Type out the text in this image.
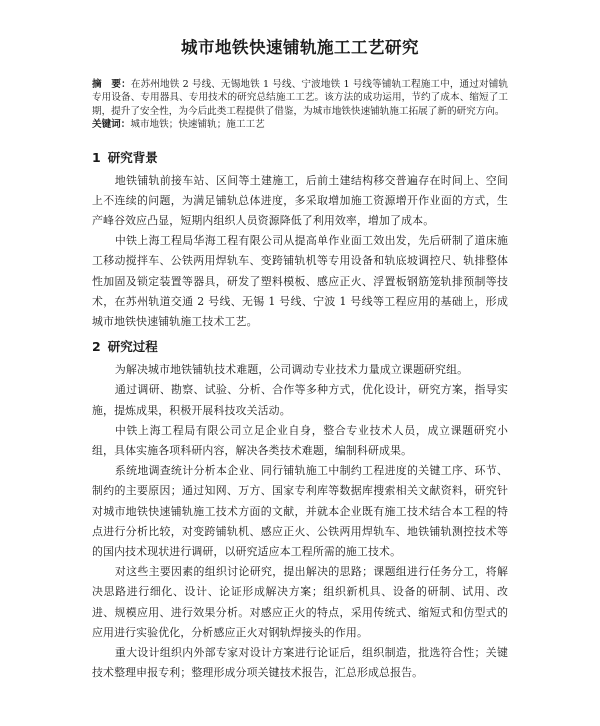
城市地铁快速铺轨施工工艺研究
摘　要：在苏州地铁 2 号线、无锡地铁 1 号线、宁波地铁 1 号线等铺轨工程施工中，通过对铺轨专用设备、专用器具、专用技术的研究总结施工工艺。该方法的成功运用，节约了成本、缩短了工期，提升了安全性，为今后此类工程提供了借鉴，为城市地铁快速铺轨施工拓展了新的研究方向。
关键词：城市地铁；快速铺轨；施工工艺
1 研究背景

地铁铺轨前接车站、区间等土建施工，后前土建结构移交普遍存在时间上、空间上不连续的问题，为满足铺轨总体进度，多采取增加施工资源增开作业面的方式，生产峰谷效应凸显，短期内组织人员资源降低了利用效率，增加了成本。

中铁上海工程局华海工程有限公司从提高单作业面工效出发，先后研制了道床施工移动搅拌车、公铁两用焊轨车、变跨铺轨机等专用设备和轨底坡调控尺、轨排整体性加固及锁定装置等器具，研发了塑料模板、感应正火、浮置板钢筋笼轨排预制等技术，在苏州轨道交通 2 号线、无锡 1 号线、宁波 1 号线等工程应用的基础上，形成城市地铁快速铺轨施工技术工艺。

2 研究过程

为解决城市地铁铺轨技术难题，公司调动专业技术力量成立课题研究组。

通过调研、勘察、试验、分析、合作等多种方式，优化设计，研究方案，指导实施，提炼成果，积极开展科技攻关活动。

中铁上海工程局有限公司立足企业自身，整合专业技术人员，成立课题研究小组，具体实施各项科研内容，解决各类技术难题，编制科研成果。

系统地调查统计分析本企业、同行铺轨施工中制约工程进度的关键工序、环节、制约的主要原因；通过知网、万方、国家专利库等数据库搜索相关文献资料，研究针对城市地铁快速铺轨施工技术方面的文献，并就本企业既有施工技术结合本工程的特点进行分析比较，对变跨铺轨机、感应正火、公铁两用焊轨车、地铁铺轨测控技术等的国内技术现状进行调研，以研究适应本工程所需的施工技术。

对这些主要因素的组织讨论研究，提出解决的思路；课题组进行任务分工，将解决思路进行细化、设计、论证形成解决方案；组织新机具、设备的研制、试用、改进、规模应用、进行效果分析。对感应正火的特点，采用传统式、缩短式和仿型式的应用进行实验优化，分析感应正火对钢轨焊接头的作用。

重大设计组织内外部专家对设计方案进行论证后，组织制造，批选符合性；关键技术整理申报专利；整理形成分项关键技术报告，汇总形成总报告。
